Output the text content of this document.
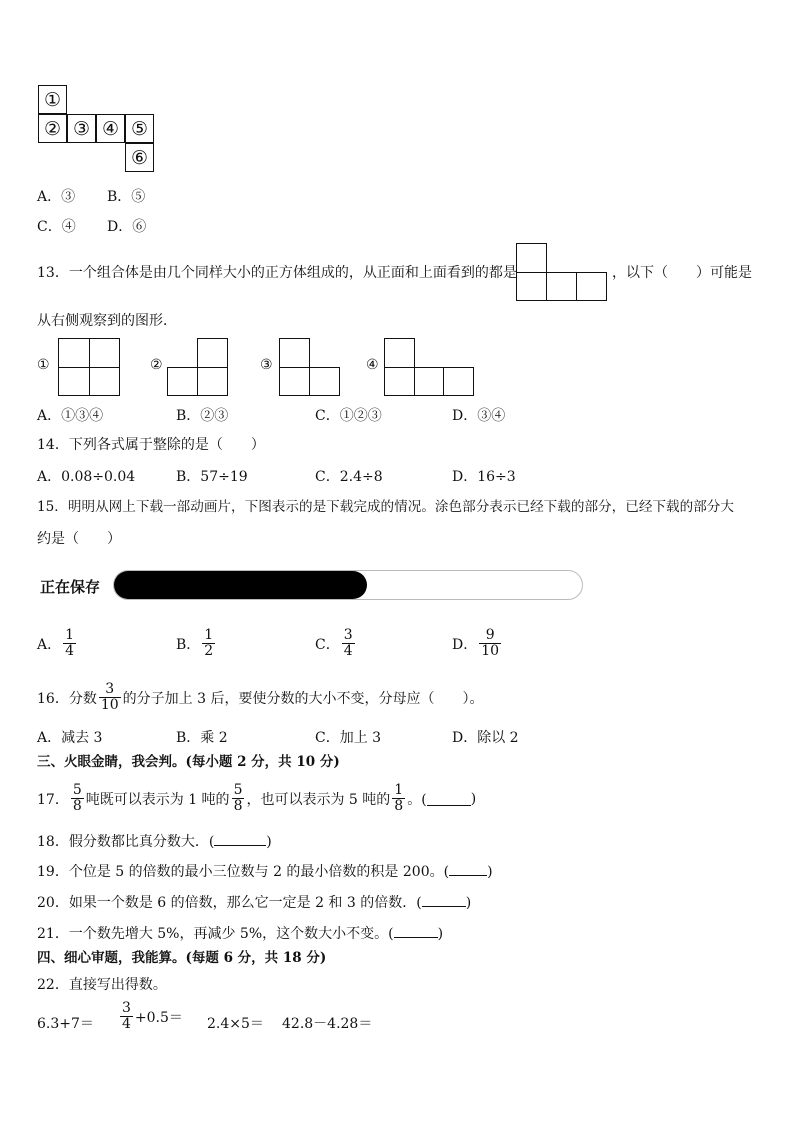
①
② ③ ④ ⑤
⑥
A．③ B．⑤
C．④ D．⑥
13．一个组合体是由几个同样大小的正方体组成的，从正面和上面看到的都是	，以下（　　）可能是
从右侧观察到的图形．
①	②	③	④
A．①③④	B．②③	C．①②③	D．③④
14．下列各式属于整除的是（　　）
A．0.08÷0.04	B．57÷19	C．2.4÷8	D．16÷3
15．明明从网上下载一部动画片，下图表示的是下载完成的情况。涂色部分表示已经下载的部分，已经下载的部分大
约是（　　）
正在保存
A． $\frac{1}{4}$	B． $\frac{1}{2}$	C． $\frac{3}{4}$	D． $\frac{9}{10}$
16．分数 $\frac{3}{10}$ 的分子加上 3 后，要使分数的大小不变，分母应（　　）。
A．减去 3	B．乘 2	C．加上 3	D．除以 2
三、火眼金睛，我会判。(每小题 2 分，共 10 分)
17． $\frac{5}{8}$ 吨既可以表示为 1 吨的 $\frac{5}{8}$ ，也可以表示为 5 吨的 $\frac{1}{8}$ 。(	)
18．假分数都比真分数大．(	)
19．个位是 5 的倍数的最小三位数与 2 的最小倍数的积是 200。(	)
20．如果一个数是 6 的倍数，那么它一定是 2 和 3 的倍数．(	)
21．一个数先增大 5%，再减少 5%，这个数大小不变。(	)
四、细心审题，我能算。(每题 6 分，共 18 分)
22．直接写出得数。
$6.3+7= \frac{3}{4} +0.5= 2.4\times 5= 42.8-4.28=$
